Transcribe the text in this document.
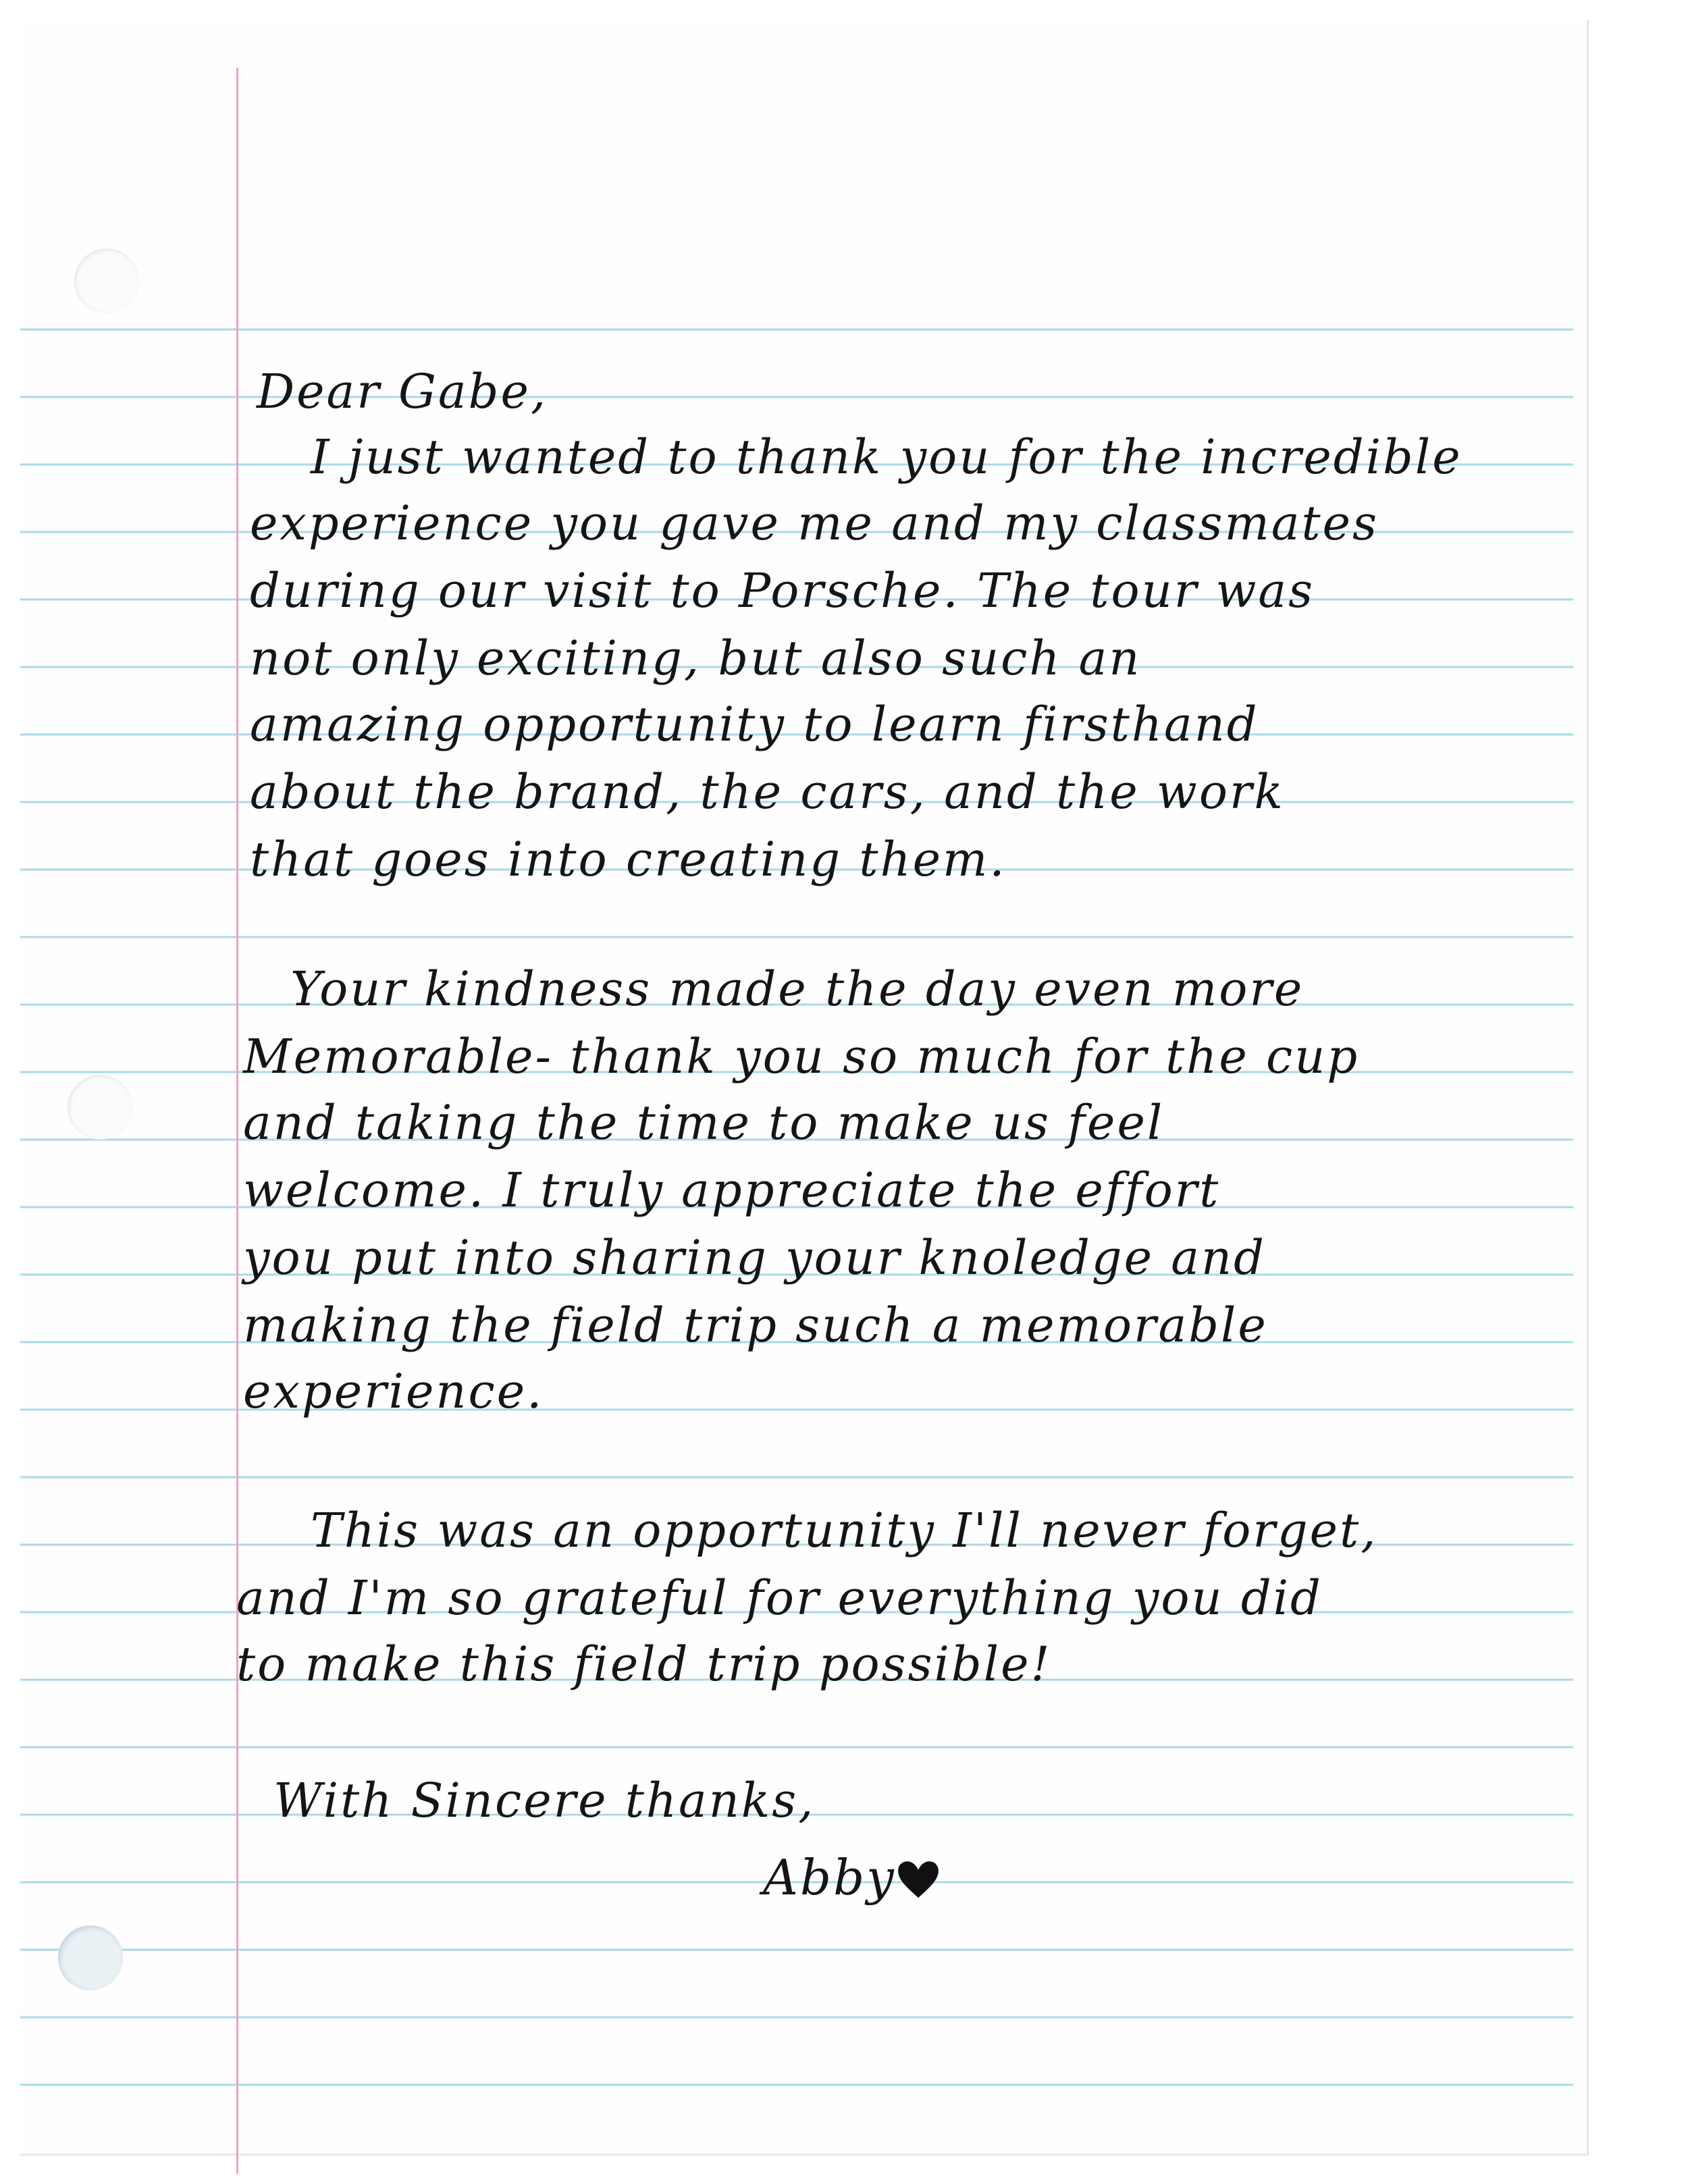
Dear Gabe,
I just wanted to thank you for the incredible
experience you gave me and my classmates
during our visit to Porsche. The tour was
not only exciting, but also such an
amazing opportunity to learn firsthand
about the brand, the cars, and the work
that goes into creating them.
Your kindness made the day even more
Memorable- thank you so much for the cup
and taking the time to make us feel
welcome. I truly appreciate the effort
you put into sharing your knoledge and
making the field trip such a memorable
experience.
This was an opportunity I'll never forget,
and I'm so grateful for everything you did
to make this field trip possible!
With Sincere thanks,
Abby
